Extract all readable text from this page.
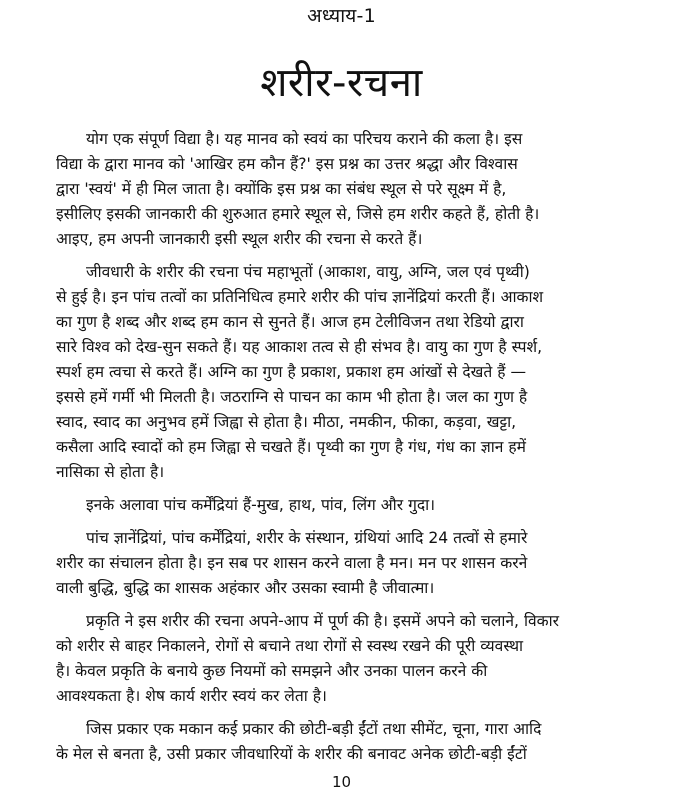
अध्याय-1
शरीर-रचना
योग एक संपूर्ण विद्या है। यह मानव को स्वयं का परिचय कराने की कला है। इस
विद्या के द्वारा मानव को 'आखिर हम कौन हैं?' इस प्रश्न का उत्तर श्रद्धा और विश्वास
द्वारा 'स्वयं' में ही मिल जाता है। क्योंकि इस प्रश्न का संबंध स्थूल से परे सूक्ष्म में है,
इसीलिए इसकी जानकारी की शुरुआत हमारे स्थूल से, जिसे हम शरीर कहते हैं, होती है।
आइए, हम अपनी जानकारी इसी स्थूल शरीर की रचना से करते हैं।
जीवधारी के शरीर की रचना पंच महाभूतों (आकाश, वायु, अग्नि, जल एवं पृथ्वी)
से हुई है। इन पांच तत्वों का प्रतिनिधित्व हमारे शरीर की पांच ज्ञानेंद्रियां करती हैं। आकाश
का गुण है शब्द और शब्द हम कान से सुनते हैं। आज हम टेलीविजन तथा रेडियो द्वारा
सारे विश्व को देख-सुन सकते हैं। यह आकाश तत्व से ही संभव है। वायु का गुण है स्पर्श,
स्पर्श हम त्वचा से करते हैं। अग्नि का गुण है प्रकाश, प्रकाश हम आंखों से देखते हैं —
इससे हमें गर्मी भी मिलती है। जठराग्नि से पाचन का काम भी होता है। जल का गुण है
स्वाद, स्वाद का अनुभव हमें जिह्वा से होता है। मीठा, नमकीन, फीका, कड़वा, खट्टा,
कसैला आदि स्वादों को हम जिह्वा से चखते हैं। पृथ्वी का गुण है गंध, गंध का ज्ञान हमें
नासिका से होता है।
इनके अलावा पांच कर्मेंद्रियां हैं-मुख, हाथ, पांव, लिंग और गुदा।
पांच ज्ञानेंद्रियां, पांच कर्मेंद्रियां, शरीर के संस्थान, ग्रंथियां आदि 24 तत्वों से हमारे
शरीर का संचालन होता है। इन सब पर शासन करने वाला है मन। मन पर शासन करने
वाली बुद्धि, बुद्धि का शासक अहंकार और उसका स्वामी है जीवात्मा।
प्रकृति ने इस शरीर की रचना अपने-आप में पूर्ण की है। इसमें अपने को चलाने, विकार
को शरीर से बाहर निकालने, रोगों से बचाने तथा रोगों से स्वस्थ रखने की पूरी व्यवस्था
है। केवल प्रकृति के बनाये कुछ नियमों को समझने और उनका पालन करने की
आवश्यकता है। शेष कार्य शरीर स्वयं कर लेता है।
जिस प्रकार एक मकान कई प्रकार की छोटी-बड़ी ईंटों तथा सीमेंट, चूना, गारा आदि
के मेल से बनता है, उसी प्रकार जीवधारियों के शरीर की बनावट अनेक छोटी-बड़ी ईंटों
10
